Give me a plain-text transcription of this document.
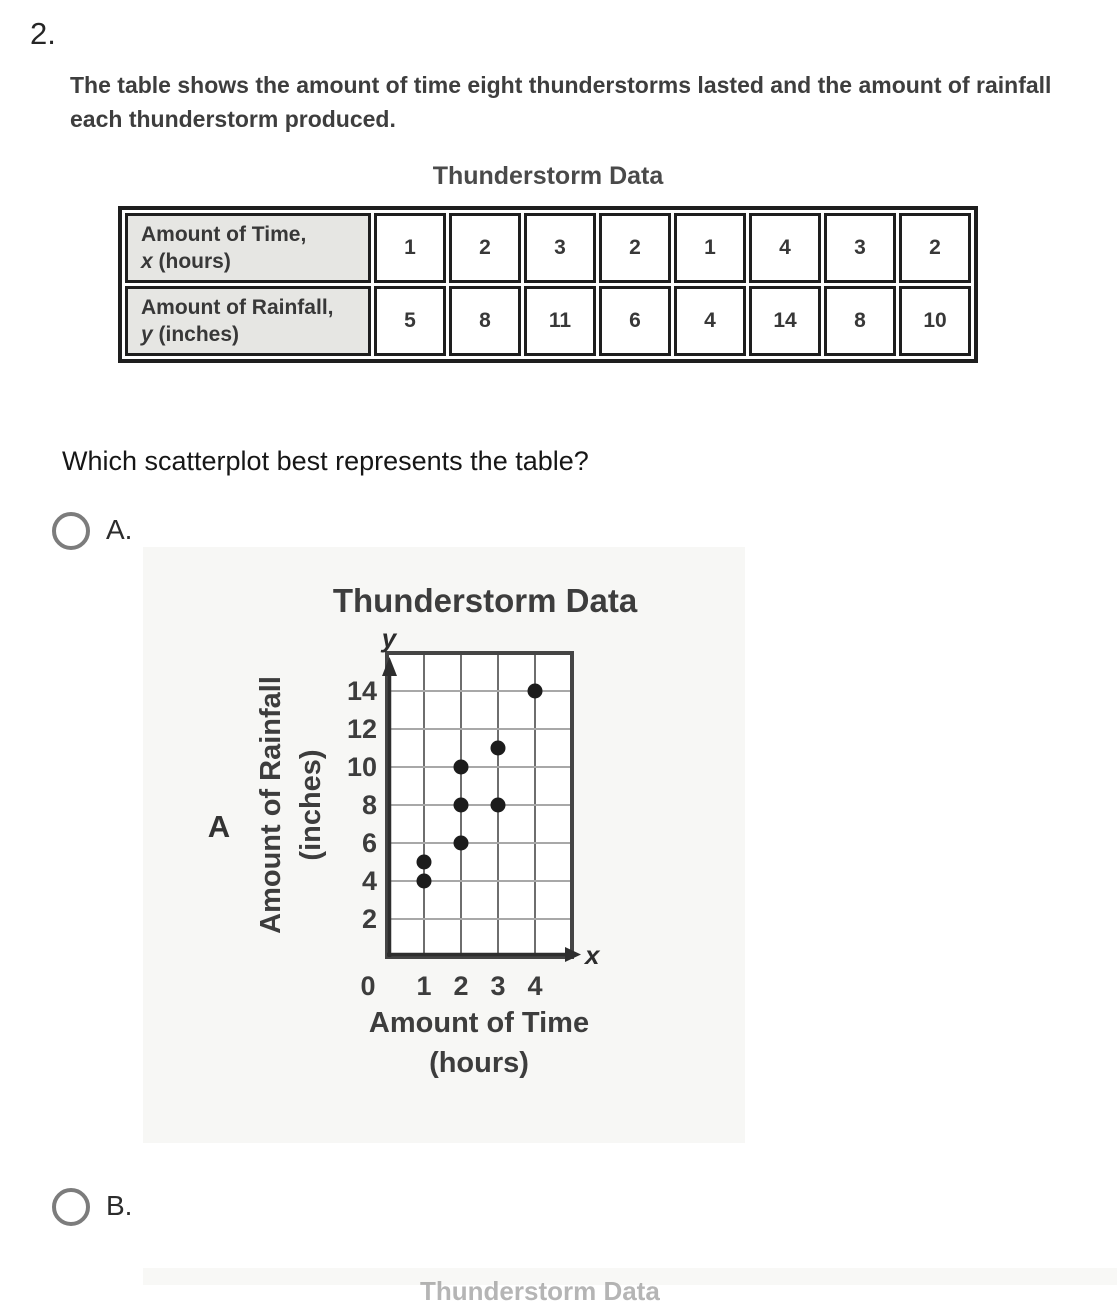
2.

The table shows the amount of time eight thunderstorms lasted and the amount of rainfall each thunderstorm produced.

Thunderstorm Data
Amount of Time,
x (hours)	1	2	3	2	1	4	3	2
Amount of Rainfall,
y (inches)	5	8	11	6	4	14	8	10
Which scatterplot best represents the table?
A.
2
4
6
8
10
12
14
0 1 2 3 4
Thunderstorm Data
y
x
Amount of Time
(hours)
Amount of Rainfall (inches)
A
B.
Thunderstorm Data
